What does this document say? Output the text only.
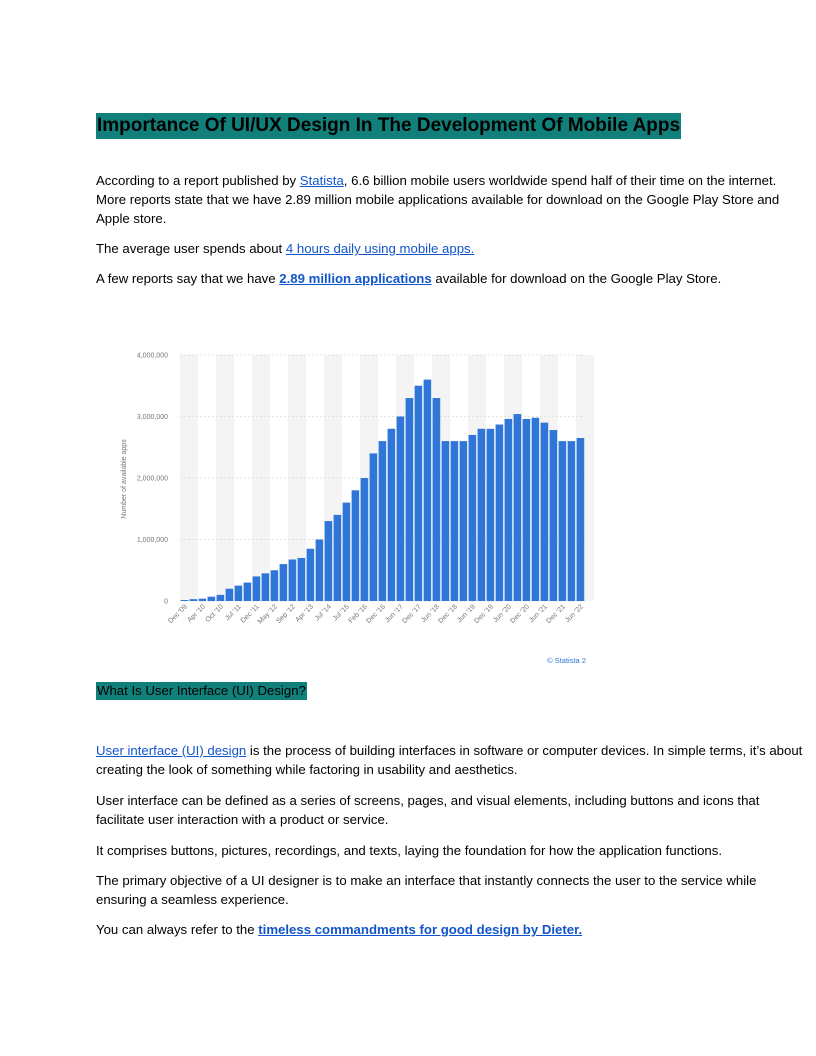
Importance Of UI/UX Design In The Development Of Mobile Apps

According to a report published by Statista, 6.6 billion mobile users worldwide spend half of their time on the internet. More reports state that we have 2.89 million mobile applications available for download on the Google Play Store and Apple store.

The average user spends about 4 hours daily using mobile apps.

A few reports say that we have 2.89 million applications available for download on the Google Play Store.

0
1,000,000
2,000,000
3,000,000
4,000,000
Dec '09
Apr '10
Oct '10 Jul '11
Dec '11
May '12
Sep '12
Apr '13
Jul '14
Jul '15
Feb '16
Dec '16
Jun '17
Dec '17
Jun '18
Dec '18
Jun '19
Dec '19
Jun '20
Dec '20
Jun '21
Dec '21
Jun '22
Number of available apps
© Statista 2
What Is User Interface (UI) Design?

User interface (UI) design is the process of building interfaces in software or computer devices. In simple terms, it’s about creating the look of something while factoring in usability and aesthetics.

User interface can be defined as a series of screens, pages, and visual elements, including buttons and icons that facilitate user interaction with a product or service.

It comprises buttons, pictures, recordings, and texts, laying the foundation for how the application functions.

The primary objective of a UI designer is to make an interface that instantly connects the user to the service while ensuring a seamless experience.

You can always refer to the timeless commandments for good design by Dieter.
